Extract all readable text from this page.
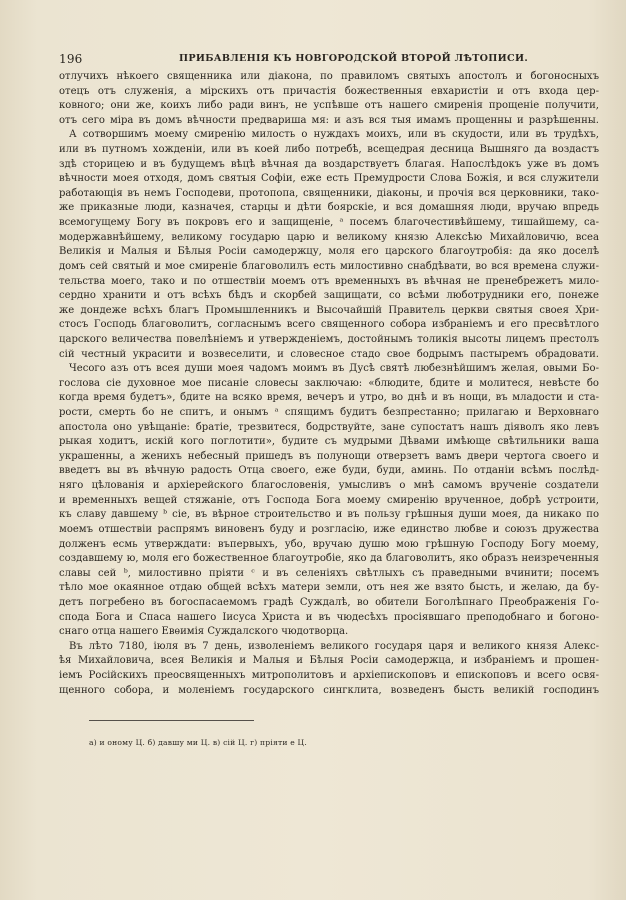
196	ПРИБАВЛЕНІЯ КЪ НОВГОРОДСКОЙ ВТОРОЙ ЛѢТОПИСИ.
отлучихъ нѣкоего священника или діакона, по правиломъ святыхъ апостолъ и богоносныхъ
отецъ отъ служенія, а мірскихъ отъ причастія божественныя евхаристіи и отъ входа цер-
ковного; они же, коихъ либо ради винъ, не успѣвше отъ нашего смиренія прощеніе получити,
отъ сего міра въ домъ вѣчности предвариша мя: и азъ вся тыя имамъ прощенны и разрѣшенны.
А сотворшимъ моему смиренію милость о нуждахъ моихъ, или въ скудости, или въ трудѣхъ,
или въ путномъ хожденіи, или въ коей либо потребѣ, всещедрая десница Вышняго да воздастъ
здѣ сторицею и въ будущемъ вѣцѣ вѣчная да воздарствуетъ благая. Напослѣдокъ уже въ домъ
вѣчности моея отходя, домъ святыя Софіи, еже есть Премудрости Слова Божія, и вся служители
работающія въ немъ Господеви, протопопа, священники, діаконы, и прочія вся церковники, тако-
же приказные люди, казначея, старцы и дѣти боярскіе, и вся домашняя люди, вручаю впредь
всемогущему Богу въ покровъ его и защищеніе, ᵃ посемъ благочестивѣйшему, тишайшему, са-
модержавнѣйшему, великому государю царю и великому князю Алексѣю Михайловичю, всеа
Великія и Малыя и Бѣлыя Росіи самодержцу, моля его царского благоутробія: да яко доселѣ
домъ сей святый и мое смиреніе благоволилъ есть милостивно снабдѣвати, во вся времена служи-
тельства моего, тако и по отшествіи моемъ отъ временныхъ въ вѣчная не пренебрежетъ мило-
сердно хранити и отъ всѣхъ бѣдъ и скорбей защищати, со всѣми люботрудники его, понеже
же дондеже всѣхъ благъ Промышленникъ и Высочайшій Правитель церкви святыя своея Хри-
стосъ Господь благоволитъ, согласнымъ всего священного собора избраніемъ и его пресвѣтлого
царского величества повелѣніемъ и утвержденіемъ, достойнымъ толикія высоты лицемъ престолъ
сій честный украсити и возвеселити, и словесное стадо свое бодрымъ пастыремъ обрадовати.
Чесого азъ отъ всея души моея чадомъ моимъ въ Дусѣ святѣ любезнѣйшимъ желая, овыми Бо-
гослова сіе духовное мое писаніе словесы заключаю: «блюдите, бдите и молитеся, невѣсте бо
когда время будетъ», бдите на всяко время, вечеръ и утро, во днѣ и въ нощи, въ младости и ста-
рости, смерть бо не спитъ, и онымъ ᵃ спящимъ будитъ безпрестанно; прилагаю и Верховнаго
апостола оно увѣщаніе: братіе, трезвитеся, бодрствуйте, зане супостатъ нашъ діяволъ яко левъ
рыкая ходитъ, искій кого поглотити», будите съ мудрыми Дѣвами имѣюще свѣтильники ваша
украшенны, а женихъ небесный пришедъ въ полунощи отверзетъ вамъ двери чертога своего и
введетъ вы въ вѣчную радость Отца своего, еже буди, буди, аминь. По отданіи всѣмъ послѣд-
няго цѣлованія и архіерейского благословенія, умысливъ о мнѣ самомъ врученіе создатели
и временныхъ вещей стяжаніе, отъ Господа Бога моему смиренію врученное, добрѣ устроити,
къ славу давшему ᵇ сіе, въ вѣрное строительство и въ пользу грѣшныя души моея, да никако по
моемъ отшествіи распрямъ виновенъ буду и розгласію, иже единство любве и союзъ дружества
долженъ есмь утверждати: въпервыхъ, убо, вручаю душю мою грѣшную Господу Богу моему,
создавшему ю, моля его божественное благоутробіе, яко да благоволитъ, яко образъ неизреченныя
славы сей ᵇ, милостивно пріяти ᶜ и въ селеніяхъ свѣтлыхъ съ праведными вчинити; посемъ
тѣло мое окаянное отдаю общей всѣхъ матери земли, отъ нея же взято бысть, и желаю, да бу-
детъ погребено въ богоспасаемомъ градѣ Суждалѣ, во обители Боголѣпнаго Преображенія Го-
спода Бога и Спаса нашего Іисуса Христа и въ чюдесѣхъ просіявшаго преподобнаго и богоно-
снаго отца нашего Евѳимія Суждалского чюдотворца.
Въ лѣто 7180, іюля въ 7 день, изволеніемъ великого государя царя и великого князя Алекс-
ѣя Михайловича, всея Великія и Малыя и Бѣлыя Росіи самодержца, и избраніемъ и прошен-
іемъ Російскихъ преосвященныхъ митрополитовъ и архіепископовъ и епископовъ и всего освя-
щенного собора, и моленіемъ государского сингклита, возведенъ бысть великій господинъ
а) и оному Ц. б) давшу ми Ц. в) сій Ц. г) пріяти е Ц.
